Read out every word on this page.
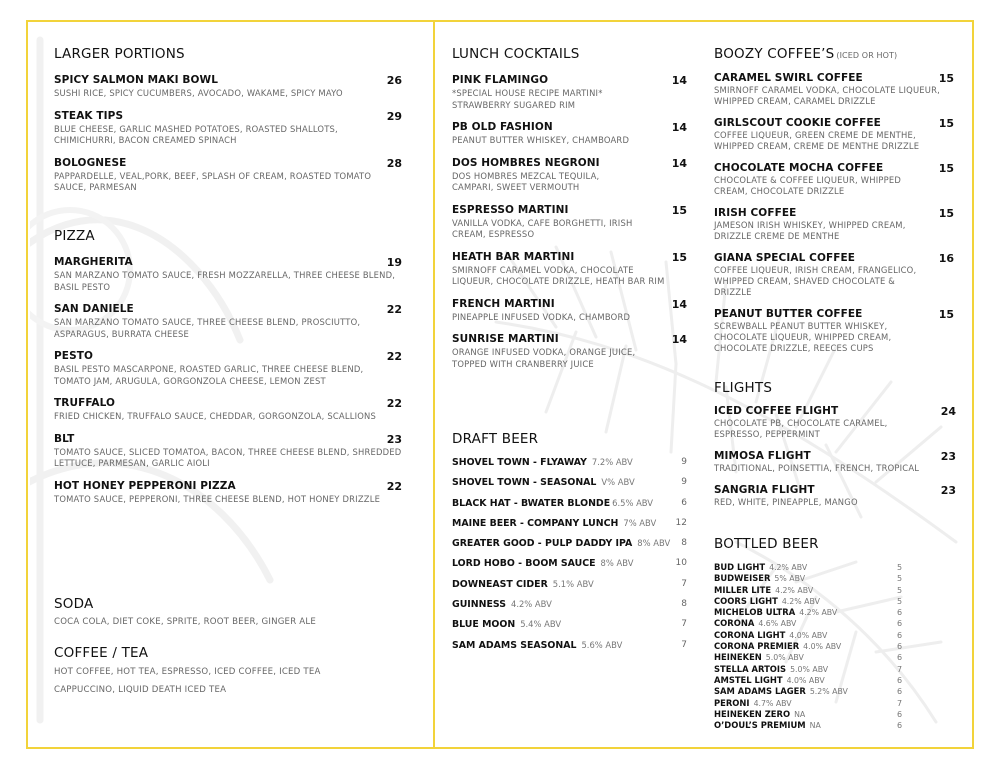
LARGER PORTIONS
SPICY SALMON MAKI BOWL	26
SUSHI RICE, SPICY CUCUMBERS, AVOCADO, WAKAME, SPICY MAYO
STEAK TIPS	29
BLUE CHEESE, GARLIC MASHED POTATOES, ROASTED SHALLOTS, CHIMICHURRI, BACON CREAMED SPINACH
BOLOGNESE	28
PAPPARDELLE, VEAL,PORK, BEEF, SPLASH OF CREAM, ROASTED TOMATO SAUCE, PARMESAN
PIZZA
MARGHERITA	19
SAN MARZANO TOMATO SAUCE, FRESH MOZZARELLA, THREE CHEESE BLEND, BASIL PESTO
SAN DANIELE	22
SAN MARZANO TOMATO SAUCE, THREE CHEESE BLEND, PROSCIUTTO, ASPARAGUS, BURRATA CHEESE
PESTO	22
BASIL PESTO MASCARPONE, ROASTED GARLIC, THREE CHEESE BLEND, TOMATO JAM, ARUGULA, GORGONZOLA CHEESE, LEMON ZEST
TRUFFALO	22
FRIED CHICKEN, TRUFFALO SAUCE, CHEDDAR, GORGONZOLA, SCALLIONS
BLT	23
TOMATO SAUCE, SLICED TOMATOA, BACON, THREE CHEESE BLEND, SHREDDED LETTUCE, PARMESAN, GARLIC AIOLI
HOT HONEY PEPPERONI PIZZA	22
TOMATO SAUCE, PEPPERONI, THREE CHEESE BLEND, HOT HONEY DRIZZLE
SODA
COCA COLA, DIET COKE, SPRITE, ROOT BEER, GINGER ALE
COFFEE / TEA
HOT COFFEE, HOT TEA, ESPRESSO, ICED COFFEE, ICED TEA
CAPPUCCINO, LIQUID DEATH ICED TEA
LUNCH COCKTAILS
PINK FLAMINGO	14
*SPECIAL HOUSE RECIPE MARTINI* STRAWBERRY SUGARED RIM
PB OLD FASHION	14
PEANUT BUTTER WHISKEY, CHAMBOARD
DOS HOMBRES NEGRONI	14
DOS HOMBRES MEZCAL TEQUILA, CAMPARI, SWEET VERMOUTH
ESPRESSO MARTINI	15
VANILLA VODKA, CAFE BORGHETTI, IRISH CREAM, ESPRESSO
HEATH BAR MARTINI	15
SMIRNOFF CARAMEL VODKA, CHOCOLATE LIQUEUR, CHOCOLATE DRIZZLE, HEATH BAR RIM
FRENCH MARTINI	14
PINEAPPLE INFUSED VODKA, CHAMBORD
SUNRISE MARTINI	14
ORANGE INFUSED VODKA, ORANGE JUICE, TOPPED WITH CRANBERRY JUICE
DRAFT BEER
SHOVEL TOWN - FLYAWAY 7.2% ABV	9
SHOVEL TOWN - SEASONAL V% ABV	9
BLACK HAT - BWATER BLONDE 6.5% ABV	6
MAINE BEER - COMPANY LUNCH 7% ABV 12
GREATER GOOD - PULP DADDY IPA 8% ABV 8
LORD HOBO - BOOM SAUCE 8% ABV	10
DOWNEAST CIDER 5.1% ABV	7
GUINNESS 4.2% ABV	8
BLUE MOON 5.4% ABV	7
SAM ADAMS SEASONAL 5.6% ABV	7
BOOZY COFFEE’S (ICED OR HOT)
CARAMEL SWIRL COFFEE	15
SMIRNOFF CARAMEL VODKA, CHOCOLATE LIQUEUR, WHIPPED CREAM, CARAMEL DRIZZLE
GIRLSCOUT COOKIE COFFEE	15
COFFEE LIQUEUR, GREEN CREME DE MENTHE, WHIPPED CREAM, CREME DE MENTHE DRIZZLE
CHOCOLATE MOCHA COFFEE	15
CHOCOLATE & COFFEE LIQUEUR, WHIPPED CREAM, CHOCOLATE DRIZZLE
IRISH COFFEE	15
JAMESON IRISH WHISKEY, WHIPPED CREAM, DRIZZLE CREME DE MENTHE
GIANA SPECIAL COFFEE	16
COFFEE LIQUEUR, IRISH CREAM, FRANGELICO, WHIPPED CREAM, SHAVED CHOCOLATE & DRIZZLE
PEANUT BUTTER COFFEE	15
SCREWBALL PEANUT BUTTER WHISKEY, CHOCOLATE LIQUEUR, WHIPPED CREAM, CHOCOLATE DRIZZLE, REECES CUPS
FLIGHTS
ICED COFFEE FLIGHT	24
CHOCOLATE PB, CHOCOLATE CARAMEL, ESPRESSO, PEPPERMINT
MIMOSA FLIGHT	23
TRADITIONAL, POINSETTIA, FRENCH, TROPICAL
SANGRIA FLIGHT	23
RED, WHITE, PINEAPPLE, MANGO
BOTTLED BEER
BUD LIGHT 4.2% ABV	5
BUDWEISER 5% ABV	5
MILLER LITE 4.2% ABV	5
COORS LIGHT 4.2% ABV	5
MICHELOB ULTRA 4.2% ABV	6
CORONA 4.6% ABV	6
CORONA LIGHT 4.0% ABV	6
CORONA PREMIER 4.0% ABV	6
HEINEKEN 5.0% ABV	6
STELLA ARTOIS 5.0% ABV	7
AMSTEL LIGHT 4.0% ABV	6
SAM ADAMS LAGER 5.2% ABV	6
PERONI 4.7% ABV	7
HEINEKEN ZERO NA	6
O’DOUL’S PREMIUM NA	6
